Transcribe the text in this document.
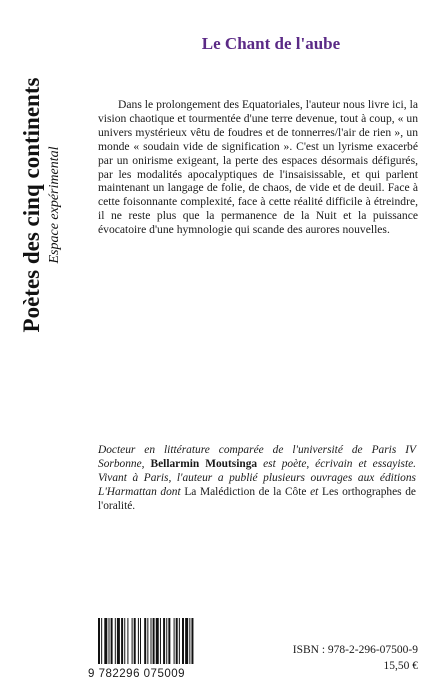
Poètes des cinq continents Espace expérimental
Le Chant de l'aube

Dans le prolongement des Equatoriales, l'auteur nous livre ici, la vision chaotique et tourmentée d'une terre devenue, tout à coup, « un univers mystérieux vêtu de foudres et de tonnerres/l'air de rien », un monde « soudain vide de signification ». C'est un lyrisme exacerbé par un onirisme exigeant, la perte des espaces désormais défigurés, par les modalités apocalyptiques de l'insaisissable, et qui parlent maintenant un langage de folie, de chaos, de vide et de deuil. Face à cette foisonnante complexité, face à cette réalité difficile à étreindre, il ne reste plus que la permanence de la Nuit et la puissance évocatoire d'une hymnologie qui scande des aurores nouvelles.

Docteur en littérature comparée de l'université de Paris IV Sorbonne, Bellarmin Moutsinga est poète, écrivain et essayiste. Vivant à Paris, l'auteur a publié plusieurs ouvrages aux éditions L'Harmattan dont La Malédiction de la Côte et Les orthographes de l'oralité.

9 782296 075009
ISBN : 978-2-296-07500-9
15,50 €
